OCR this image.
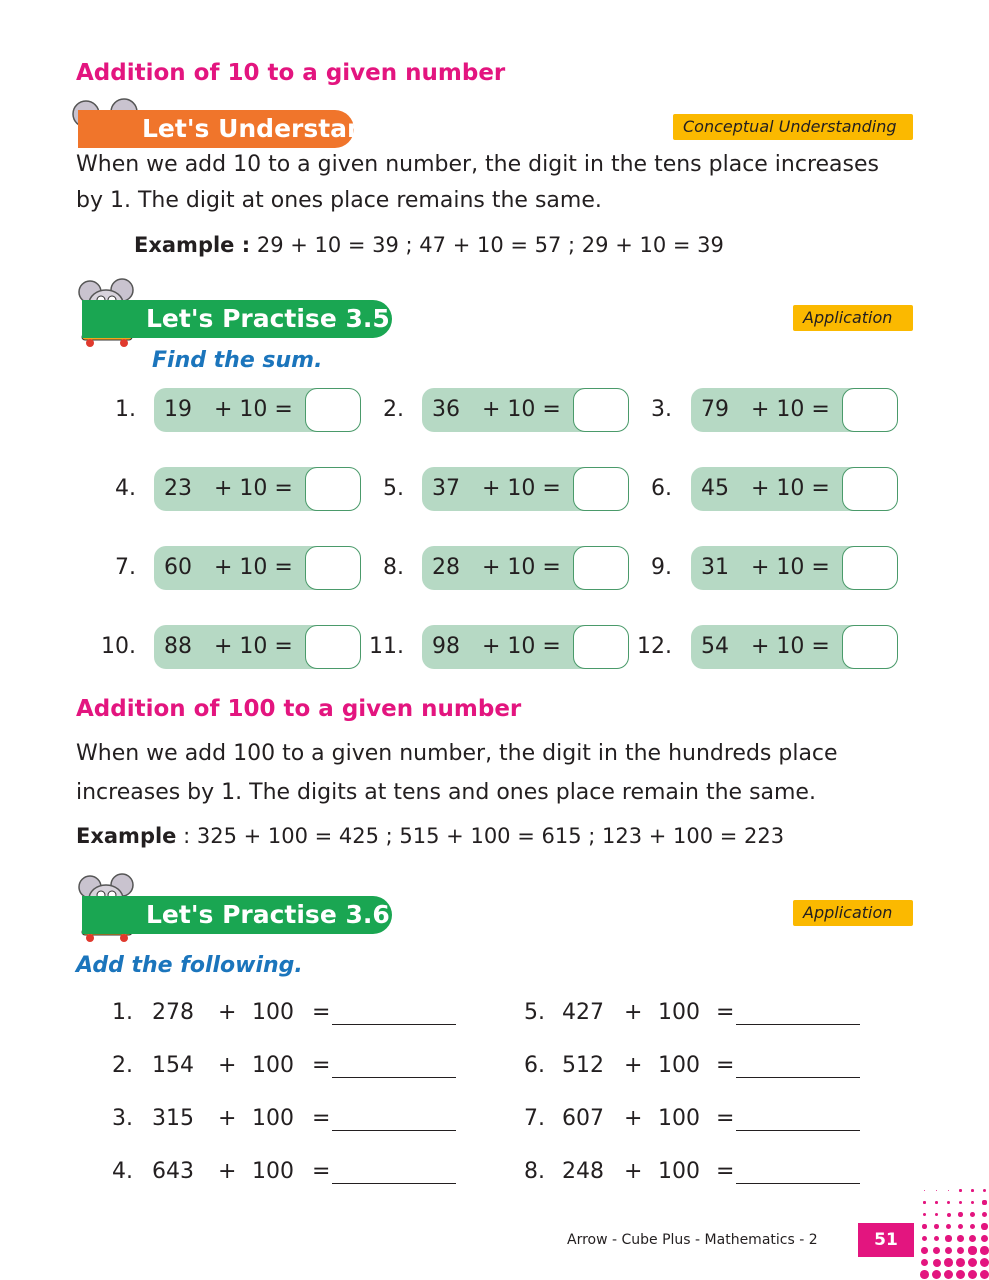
Addition of 10 to a given number
Let's Understand	Conceptual Understanding
When we add 10 to a given number, the digit in the tens place increases
by 1. The digit at ones place remains the same.
Example : 29 + 10 = 39 ; 47 + 10 = 57 ; 29 + 10 = 39
Let's Practise 3.5	Application
Find the sum.
1. 19 + 10 =	2. 36 + 10 =	3. 79 + 10 =
4. 23 + 10 =	5. 37 + 10 =	6. 45 + 10 =
7. 60 + 10 =	8. 28 + 10 =	9. 31 + 10 =
10. 88 + 10 =	11. 98 + 10 =	12. 54 + 10 =
Addition of 100 to a given number
When we add 100 to a given number, the digit in the hundreds place
increases by 1. The digits at tens and ones place remain the same.
Example : 325 + 100 = 425 ; 515 + 100 = 615 ; 123 + 100 = 223
Let's Practise 3.6	Application
Add the following.
1. 278 + 100 =
2. 154 + 100 =
3. 315 + 100 =
4. 643 + 100 =
5. 427 + 100 =
6. 512 + 100 =
7. 607 + 100 =
8. 248 + 100 =
Arrow - Cube Plus - Mathematics - 2	51
